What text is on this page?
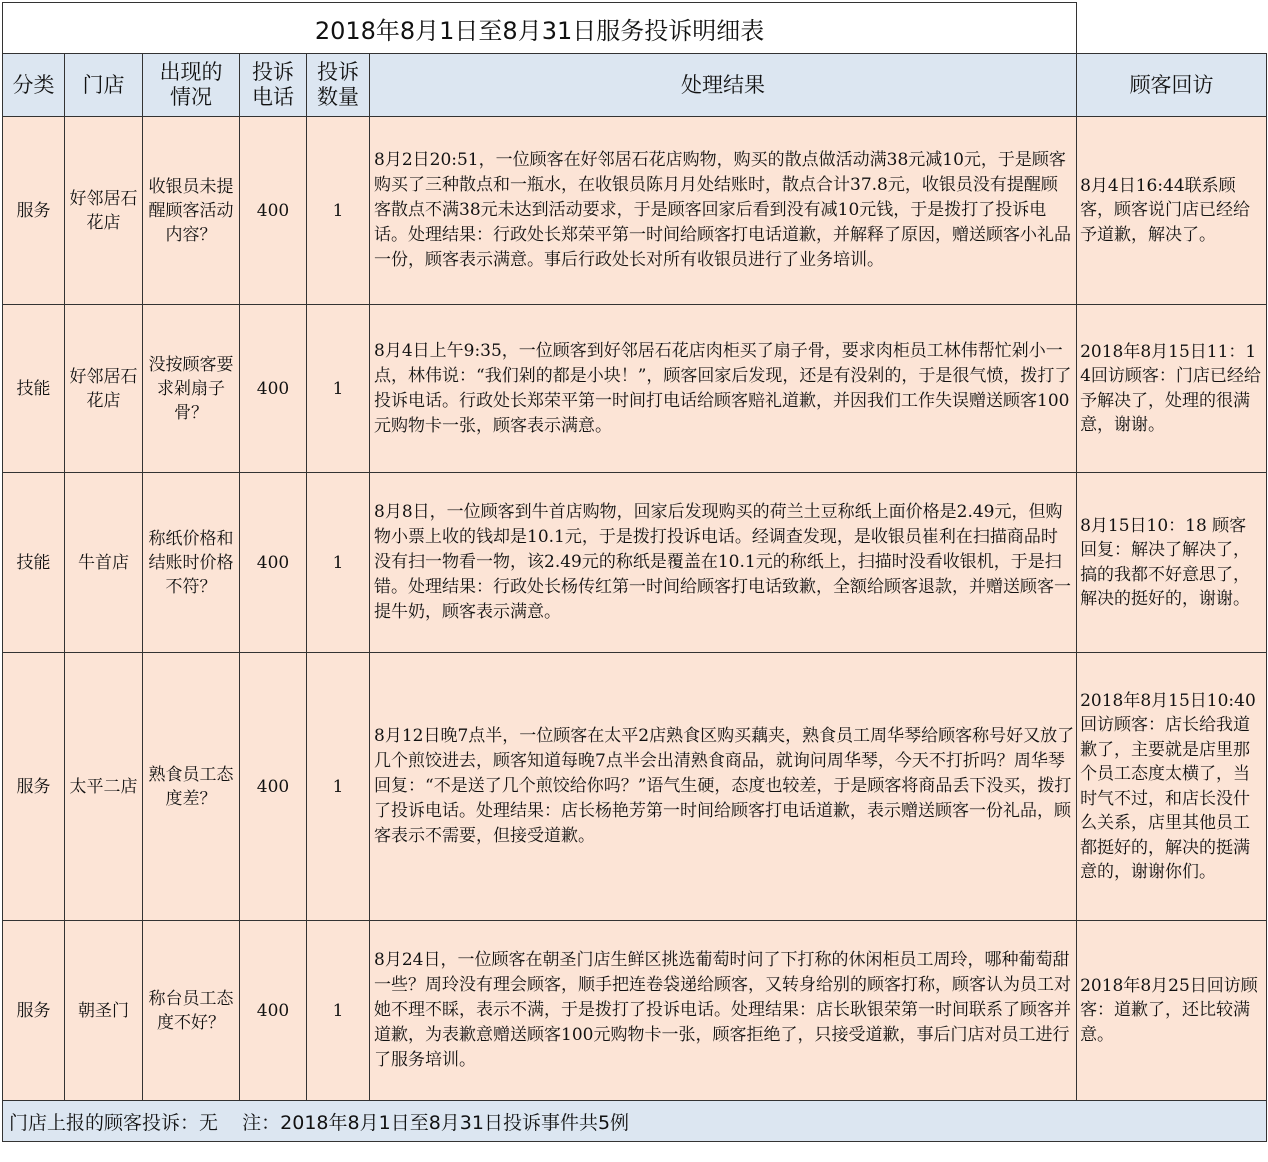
2018年8月1日至8月31日服务投诉明细表						
分类	门店	出现的情况	投诉电话	投诉数量	处理结果	顾客回访
服务	好邻居石花店	收银员未提醒顾客活动内容？	400	1	8月2日20:51，一位顾客在好邻居石花店购物，购买的散点做活动满38元减10元，于是顾客购买了三种散点和一瓶水，在收银员陈月月处结账时，散点合计37.8元，收银员没有提醒顾客散点不满38元未达到活动要求，于是顾客回家后看到没有减10元钱，于是拨打了投诉电话。处理结果：行政处长郑荣平第一时间给顾客打电话道歉，并解释了原因，赠送顾客小礼品一份，顾客表示满意。事后行政处长对所有收银员进行了业务培训。	8月4日16:44联系顾客，顾客说门店已经给予道歉，解决了。
技能	好邻居石花店	没按顾客要求剁扇子骨？	400	1	8月4日上午9:35，一位顾客到好邻居石花店肉柜买了扇子骨，要求肉柜员工林伟帮忙剁小一点，林伟说：“我们剁的都是小块！”，顾客回家后发现，还是有没剁的，于是很气愤，拨打了投诉电话。行政处长郑荣平第一时间打电话给顾客赔礼道歉，并因我们工作失误赠送顾客100元购物卡一张，顾客表示满意。	2018年8月15日11：14回访顾客：门店已经给予解决了，处理的很满意，谢谢。
技能	牛首店	称纸价格和结账时价格不符？	400	1	8月8日，一位顾客到牛首店购物，回家后发现购买的荷兰土豆称纸上面价格是2.49元，但购物小票上收的钱却是10.1元，于是拨打投诉电话。经调查发现，是收银员崔利在扫描商品时没有扫一物看一物，该2.49元的称纸是覆盖在10.1元的称纸上，扫描时没看收银机，于是扫错。处理结果：行政处长杨传红第一时间给顾客打电话致歉，全额给顾客退款，并赠送顾客一提牛奶，顾客表示满意。	8月15日10：18 顾客回复：解决了解决了，搞的我都不好意思了，解决的挺好的，谢谢。
服务	太平二店	熟食员工态度差？	400	1	8月12日晚7点半，一位顾客在太平2店熟食区购买藕夹，熟食员工周华琴给顾客称号好又放了几个煎饺进去，顾客知道每晚7点半会出清熟食商品，就询问周华琴，今天不打折吗？周华琴回复：“不是送了几个煎饺给你吗？”语气生硬，态度也较差，于是顾客将商品丢下没买，拨打了投诉电话。处理结果：店长杨艳芳第一时间给顾客打电话道歉，表示赠送顾客一份礼品，顾客表示不需要，但接受道歉。	2018年8月15日10:40回访顾客：店长给我道歉了，主要就是店里那个员工态度太横了，当时气不过，和店长没什么关系，店里其他员工都挺好的，解决的挺满意的，谢谢你们。
服务	朝圣门	称台员工态度不好？	400	1	8月24日，一位顾客在朝圣门店生鲜区挑选葡萄时问了下打称的休闲柜员工周玲，哪种葡萄甜一些？周玲没有理会顾客，顺手把连卷袋递给顾客，又转身给别的顾客打称，顾客认为员工对她不理不睬，表示不满，于是拨打了投诉电话。处理结果：店长耿银荣第一时间联系了顾客并道歉，为表歉意赠送顾客100元购物卡一张，顾客拒绝了，只接受道歉，事后门店对员工进行了服务培训。	2018年8月25日回访顾客：道歉了，还比较满意。
门店上报的顾客投诉：无    注：2018年8月1日至8月31日投诉事件共5例						
